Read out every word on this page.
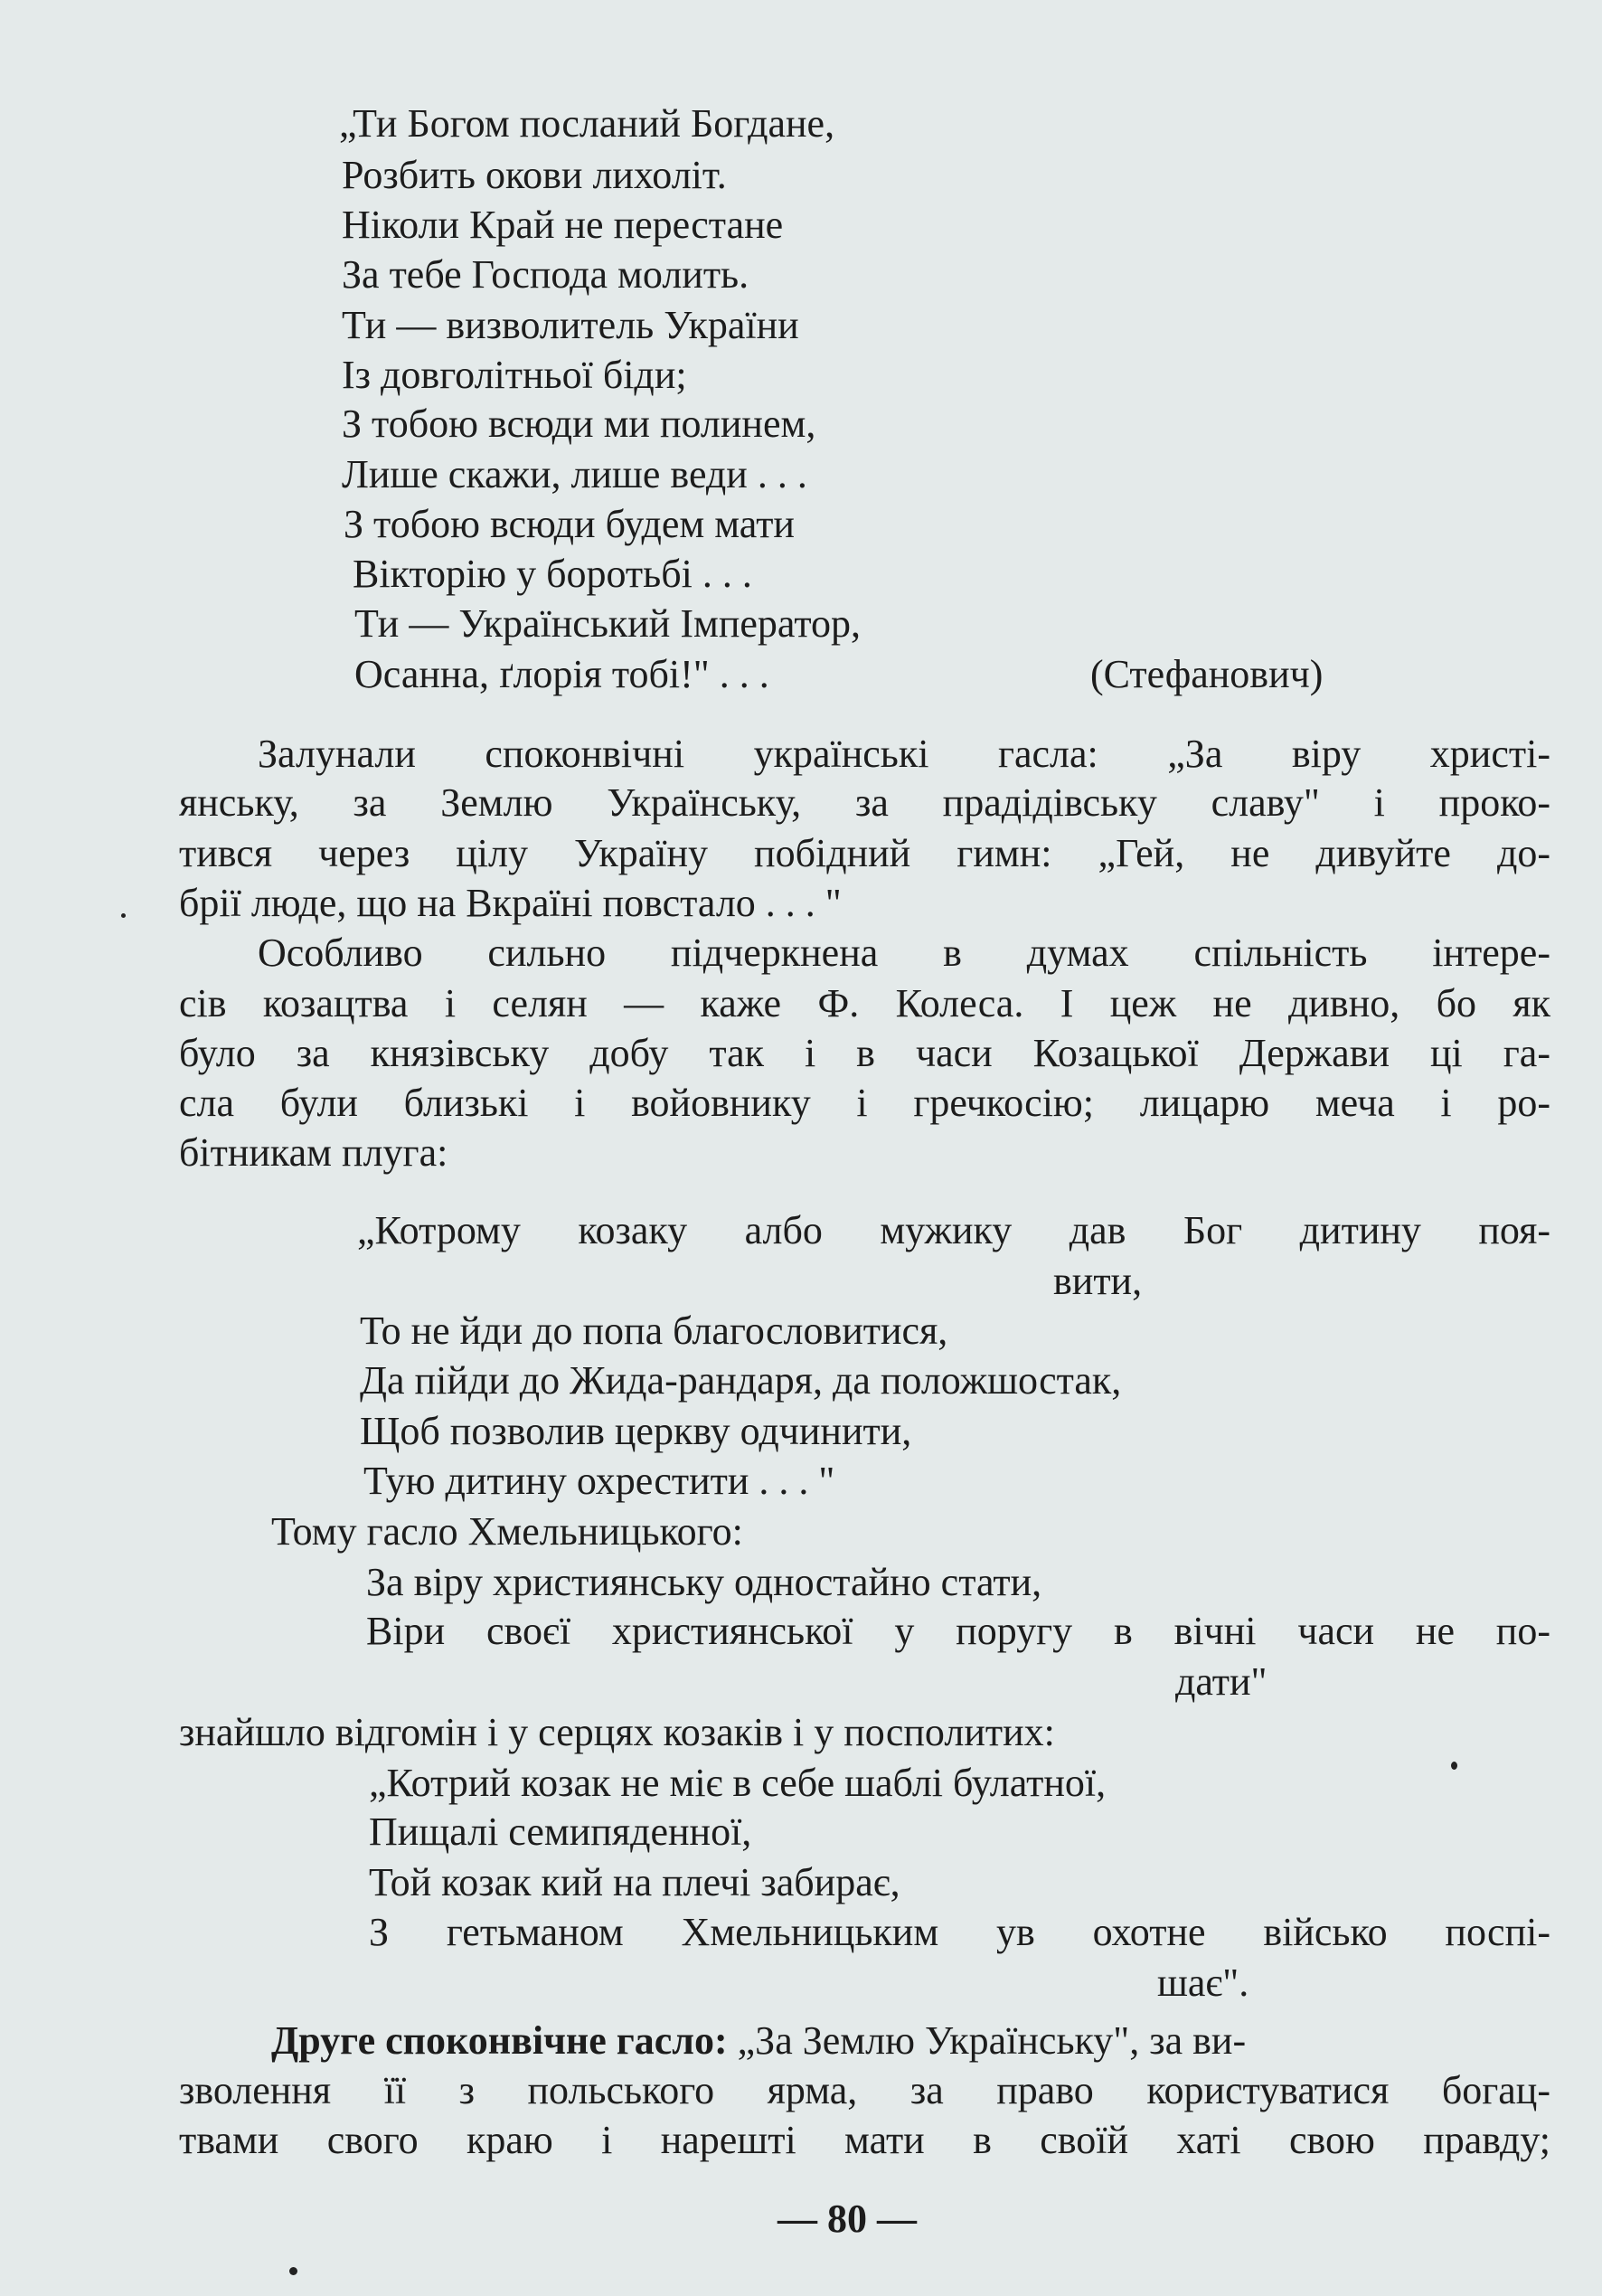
„Ти Богом посланий Богдане,
Розбить окови лихоліт.
Ніколи Край не перестане
За тебе Господа молить.
Ти — визволитель України
Із довголітньої біди;
З тобою всюди ми полинем,
Лише скажи, лише веди . . .
З тобою всюди будем мати
Вікторію у боротьбі . . .
Ти — Український Імператор,
Осанна, ґлорія тобі!" . . .	(Стефанович)
Залунали споконвічні українські гасла: „За віру христі-
янську, за Землю Українську, за прадідівську славу" і прoко-
тився через цілу Україну побідний гимн: „Гей, не дивуйте до-
брії люде, що на Вкраїні повстало . . . "
Особливо сильно підчеркнена в думах спільність інтере-
сів козацтва і селян — каже Ф. Колеса. І цеж не дивно, бо як
було за князівську добу так і в часи Козацької Держави ці га-
сла були близькі і войовнику і гречкосію; лицарю меча і ро-
бітникам плуга:
„Котрому козаку албо мужику дав Бог дитину поя-
вити,
То не йди до попа благословитися,
Да пійди до Жида-рандаря, да положшостак,
Щоб позволив церкву одчинити,
Тую дитину охрестити . . . "
Тому гасло Хмельницького:
За віру християнську одностайно стати,
Віри своєї християнської у поругу в вічні часи не по-
дати"
знайшло відгомін і у серцях козаків і у посполитих:
„Котрий козак не міє в себе шаблі булатної,
Пищалі семипяденної,
Той козак кий на плечі забирає,
З гетьманом Хмельницьким ув охотне військо поспі-
шає".
Друге споконвічне гасло: „За Землю Українську", за ви-
зволення її з польського ярма, за право користуватися богац-
твами свого краю і нарешті мати в своїй хаті свою правду;
— 80 —
